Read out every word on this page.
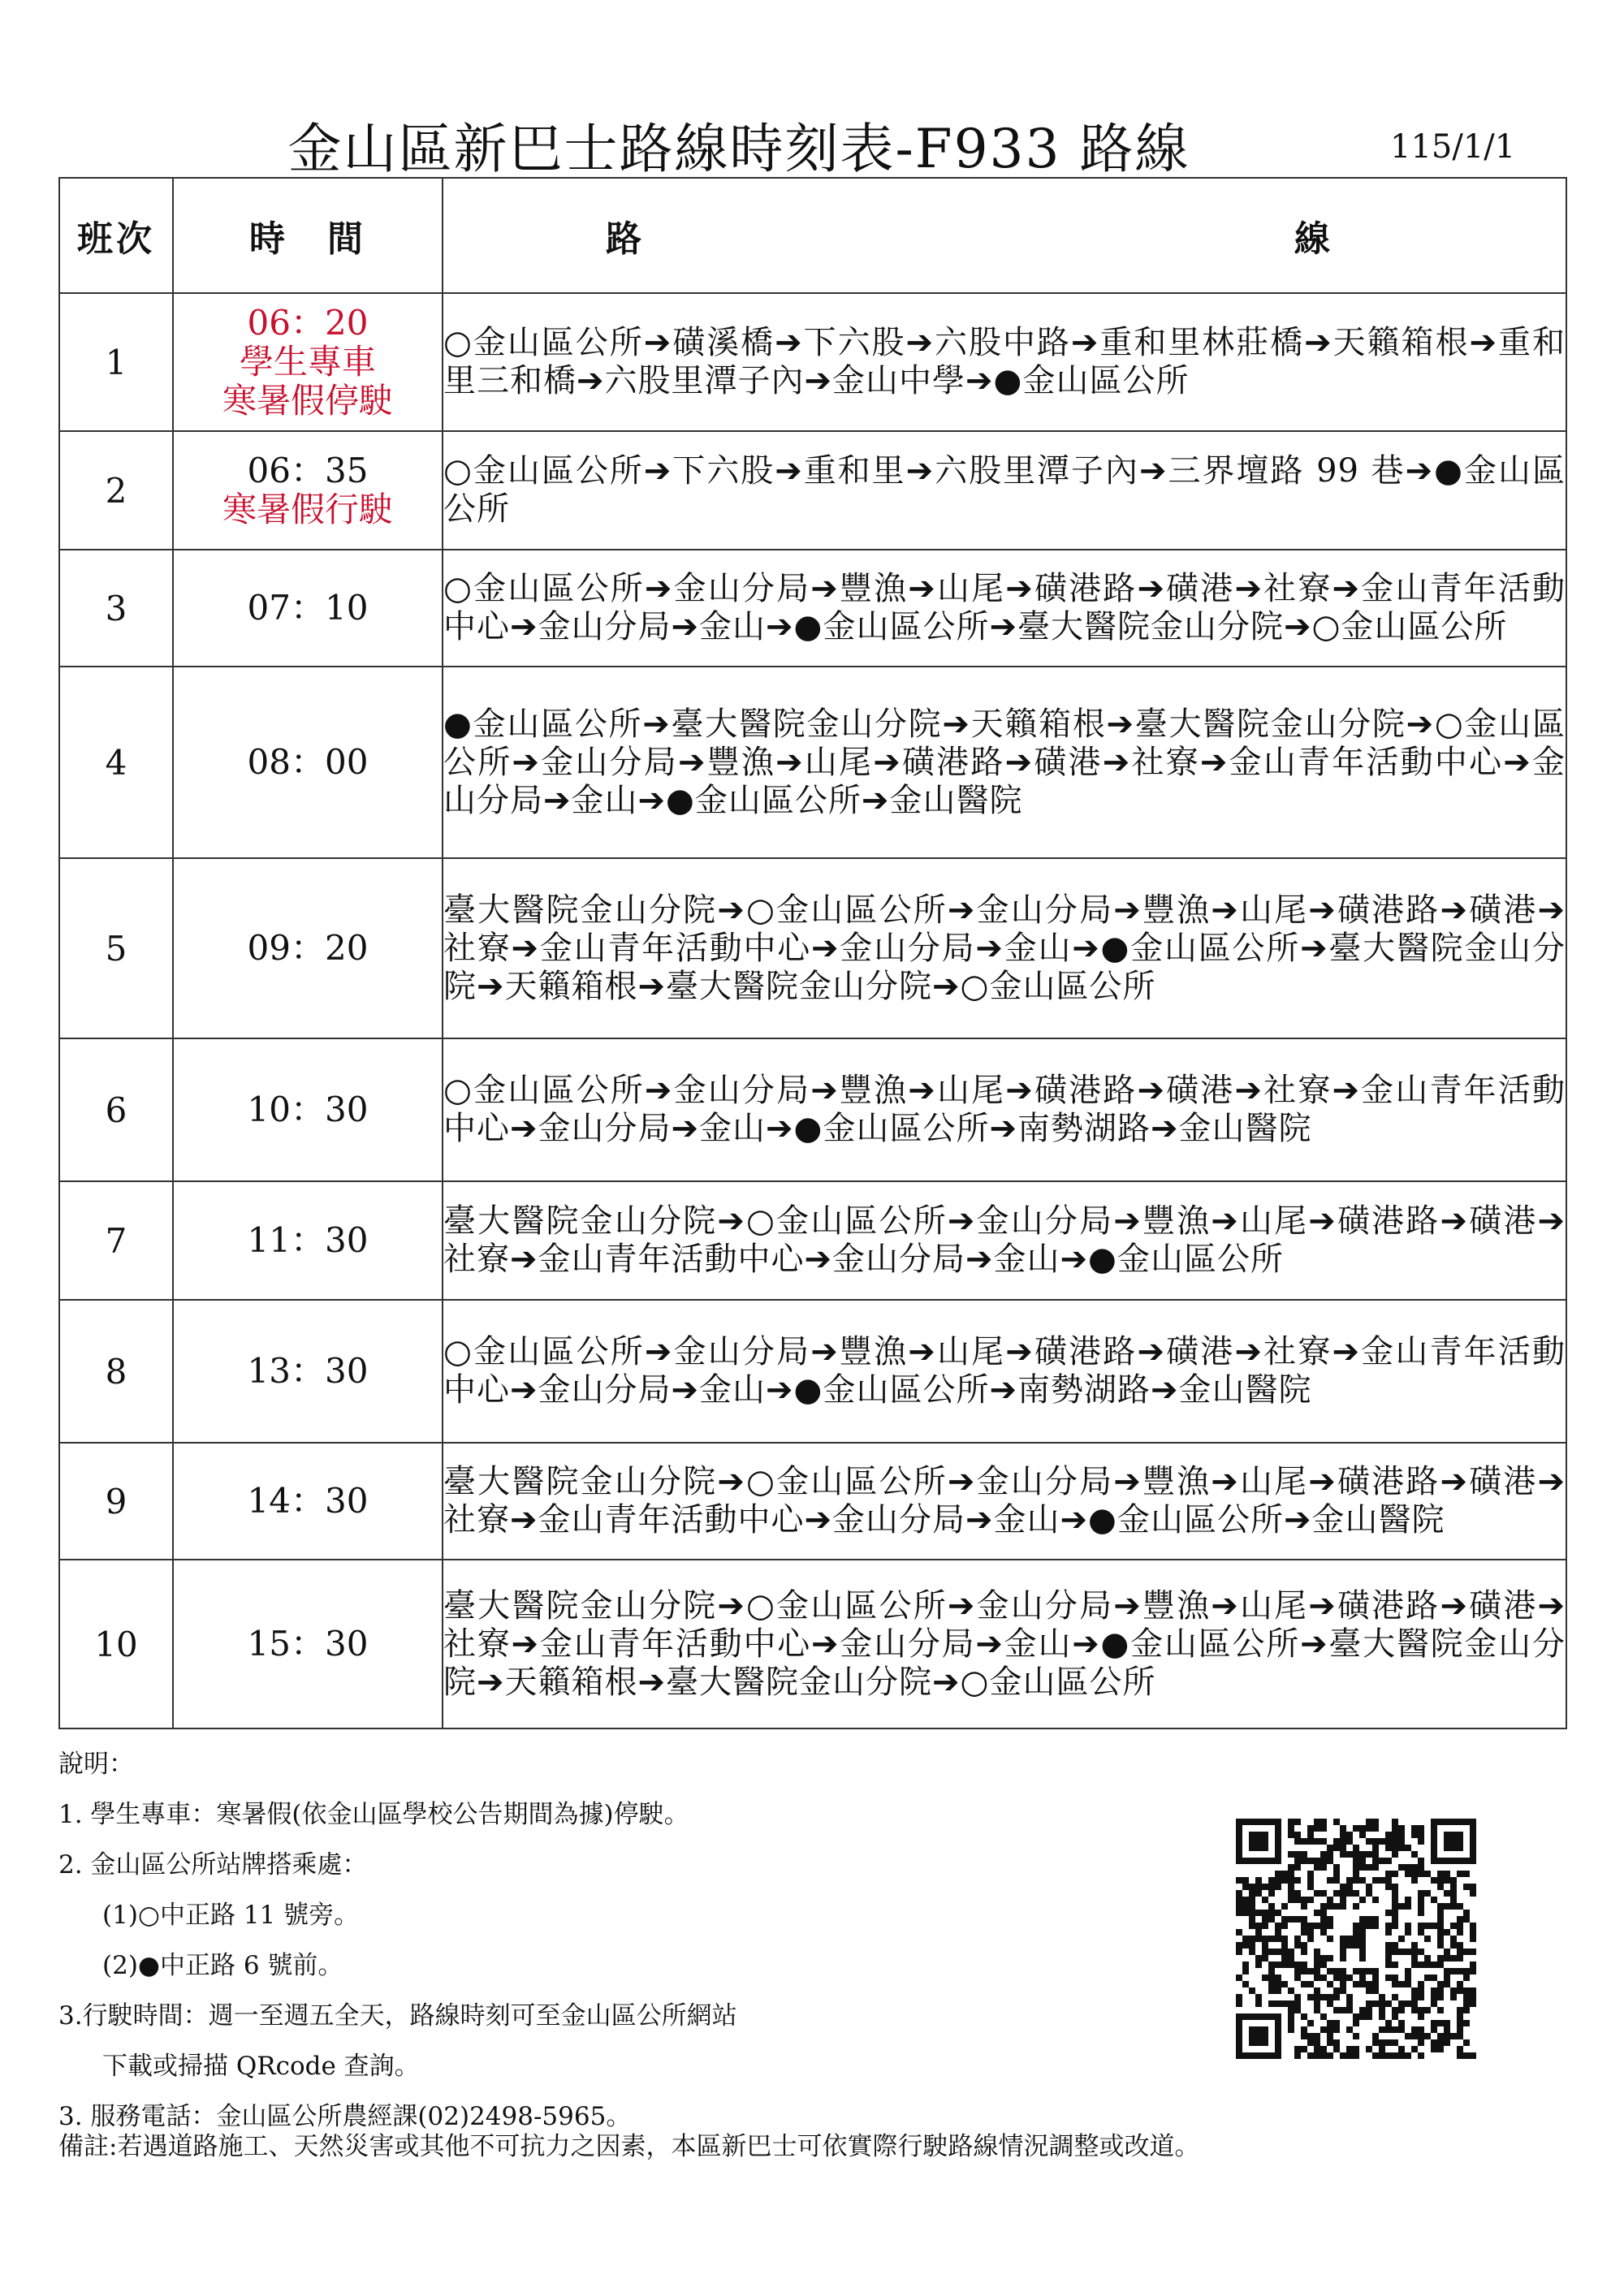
金山區新巴士路線時刻表-F933 路線	115/1/1
班次	時　間	路 線
1	06：20
學生專車
寒暑假停駛	○金山區公所➔磺溪橋➔下六股➔六股中路➔重和里林莊橋➔天籟箱根➔重和里三和橋➔六股里潭子內➔金山中學➔●金山區公所
2	06：35
寒暑假行駛	○金山區公所➔下六股➔重和里➔六股里潭子內➔三界壇路 99 巷➔●金山區公所
3	07：10	○金山區公所➔金山分局➔豐漁➔山尾➔磺港路➔磺港➔社寮➔金山青年活動中心➔金山分局➔金山➔●金山區公所➔臺大醫院金山分院➔○金山區公所
4	08：00	●金山區公所➔臺大醫院金山分院➔天籟箱根➔臺大醫院金山分院➔○金山區公所➔金山分局➔豐漁➔山尾➔磺港路➔磺港➔社寮➔金山青年活動中心➔金山分局➔金山➔●金山區公所➔金山醫院
5	09：20	臺大醫院金山分院➔○金山區公所➔金山分局➔豐漁➔山尾➔磺港路➔磺港➔社寮➔金山青年活動中心➔金山分局➔金山➔●金山區公所➔臺大醫院金山分院➔天籟箱根➔臺大醫院金山分院➔○金山區公所
6	10：30	○金山區公所➔金山分局➔豐漁➔山尾➔磺港路➔磺港➔社寮➔金山青年活動中心➔金山分局➔金山➔●金山區公所➔南勢湖路➔金山醫院
7	11：30	臺大醫院金山分院➔○金山區公所➔金山分局➔豐漁➔山尾➔磺港路➔磺港➔社寮➔金山青年活動中心➔金山分局➔金山➔●金山區公所
8	13：30	○金山區公所➔金山分局➔豐漁➔山尾➔磺港路➔磺港➔社寮➔金山青年活動中心➔金山分局➔金山➔●金山區公所➔南勢湖路➔金山醫院
9	14：30	臺大醫院金山分院➔○金山區公所➔金山分局➔豐漁➔山尾➔磺港路➔磺港➔社寮➔金山青年活動中心➔金山分局➔金山➔●金山區公所➔金山醫院
10	15：30	臺大醫院金山分院➔○金山區公所➔金山分局➔豐漁➔山尾➔磺港路➔磺港➔社寮➔金山青年活動中心➔金山分局➔金山➔●金山區公所➔臺大醫院金山分院➔天籟箱根➔臺大醫院金山分院➔○金山區公所
說明：
1. 學生專車：寒暑假(依金山區學校公告期間為據)停駛。
2. 金山區公所站牌搭乘處：
(1)○中正路 11 號旁。
(2)●中正路 6 號前。
3.行駛時間：週一至週五全天，路線時刻可至金山區公所網站
下載或掃描 QRcode 查詢。
3. 服務電話：金山區公所農經課(02)2498-5965。
備註:若遇道路施工、天然災害或其他不可抗力之因素，本區新巴士可依實際行駛路線情況調整或改道。
